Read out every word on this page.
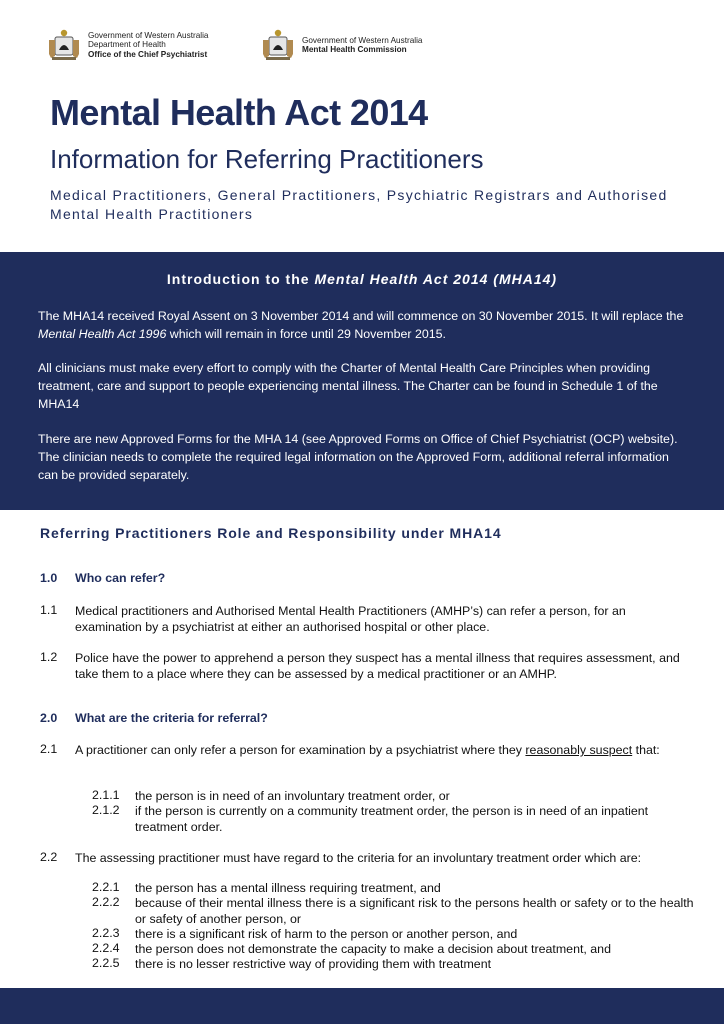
Government of Western Australia
Department of Health
Office of the Chief Psychiatrist
Government of Western Australia
Mental Health Commission
Mental Health Act 2014
Information for Referring Practitioners

Medical Practitioners, General Practitioners, Psychiatric Registrars and Authorised Mental Health Practitioners

Introduction to the Mental Health Act 2014 (MHA14)

The MHA14 received Royal Assent on 3 November 2014 and will commence on 30 November 2015. It will replace the Mental Health Act 1996 which will remain in force until 29 November 2015.

All clinicians must make every effort to comply with the Charter of Mental Health Care Principles when providing treatment, care and support to people experiencing mental illness. The Charter can be found in Schedule 1 of the MHA14

There are new Approved Forms for the MHA 14 (see Approved Forms on Office of Chief Psychiatrist (OCP) website). The clinician needs to complete the required legal information on the Approved Form, additional referral information can be provided separately.

Referring Practitioners Role and Responsibility under MHA14
1.0 Who can refer?
1.1 Medical practitioners and Authorised Mental Health Practitioners (AMHP’s) can refer a person, for an examination by a psychiatrist at either an authorised hospital or other place.
1.2 Police have the power to apprehend a person they suspect has a mental illness that requires assessment, and take them to a place where they can be assessed by a medical practitioner or an AMHP.
2.0 What are the criteria for referral?
2.1 A practitioner can only refer a person for examination by a psychiatrist where they reasonably suspect that:
2.1.1 the person is in need of an involuntary treatment order, or
2.1.2 if the person is currently on a community treatment order, the person is in need of an inpatient treatment order.
2.2 The assessing practitioner must have regard to the criteria for an involuntary treatment order which are:
2.2.1 the person has a mental illness requiring treatment, and
2.2.2 because of their mental illness there is a significant risk to the persons health or safety or to the health or safety of another person, or
2.2.3 there is a significant risk of harm to the person or another person, and
2.2.4 the person does not demonstrate the capacity to make a decision about treatment, and
2.2.5 there is no lesser restrictive way of providing them with treatment
